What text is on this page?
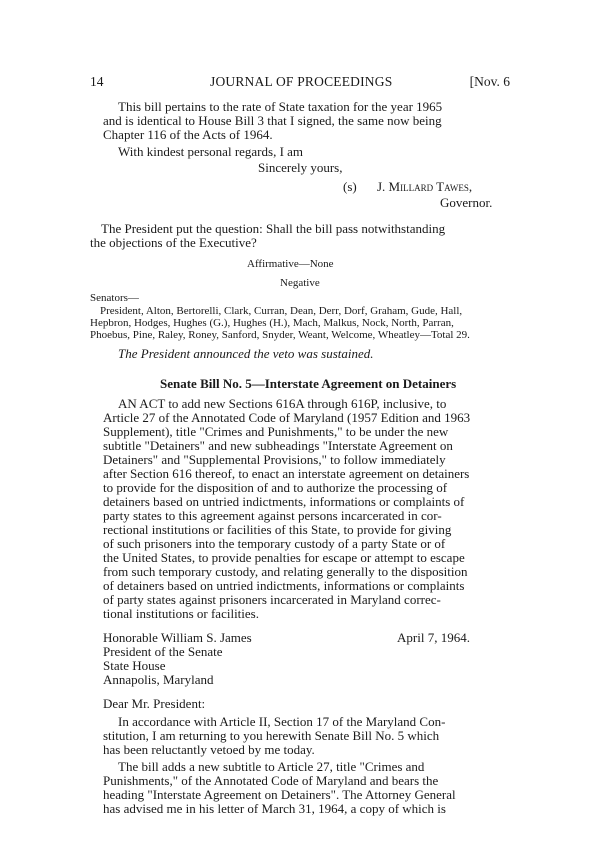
14	JOURNAL OF PROCEEDINGS	[Nov. 6
This bill pertains to the rate of State taxation for the year 1965
and is identical to House Bill 3 that I signed, the same now being
Chapter 116 of the Acts of 1964.
With kindest personal regards, I am
Sincerely yours,
(s) J. Millard Tawes,
Governor.
The President put the question: Shall the bill pass notwithstanding
the objections of the Executive?
Affirmative—None
Negative
Senators—
President, Alton, Bertorelli, Clark, Curran, Dean, Derr, Dorf, Graham, Gude, Hall,
Hepbron, Hodges, Hughes (G.), Hughes (H.), Mach, Malkus, Nock, North, Parran,
Phoebus, Pine, Raley, Roney, Sanford, Snyder, Weant, Welcome, Wheatley—Total 29.
The President announced the veto was sustained.
Senate Bill No. 5—Interstate Agreement on Detainers
AN ACT to add new Sections 616A through 616P, inclusive, to
Article 27 of the Annotated Code of Maryland (1957 Edition and 1963
Supplement), title "Crimes and Punishments," to be under the new
subtitle "Detainers" and new subheadings "Interstate Agreement on
Detainers" and "Supplemental Provisions," to follow immediately
after Section 616 thereof, to enact an interstate agreement on detainers
to provide for the disposition of and to authorize the processing of
detainers based on untried indictments, informations or complaints of
party states to this agreement against persons incarcerated in cor-
rectional institutions or facilities of this State, to provide for giving
of such prisoners into the temporary custody of a party State or of
the United States, to provide penalties for escape or attempt to escape
from such temporary custody, and relating generally to the disposition
of detainers based on untried indictments, informations or complaints
of party states against prisoners incarcerated in Maryland correc-
tional institutions or facilities.
Honorable William S. James	April 7, 1964.
President of the Senate
State House
Annapolis, Maryland
Dear Mr. President:
In accordance with Article II, Section 17 of the Maryland Con-
stitution, I am returning to you herewith Senate Bill No. 5 which
has been reluctantly vetoed by me today.
The bill adds a new subtitle to Article 27, title "Crimes and
Punishments," of the Annotated Code of Maryland and bears the
heading "Interstate Agreement on Detainers". The Attorney General
has advised me in his letter of March 31, 1964, a copy of which is
